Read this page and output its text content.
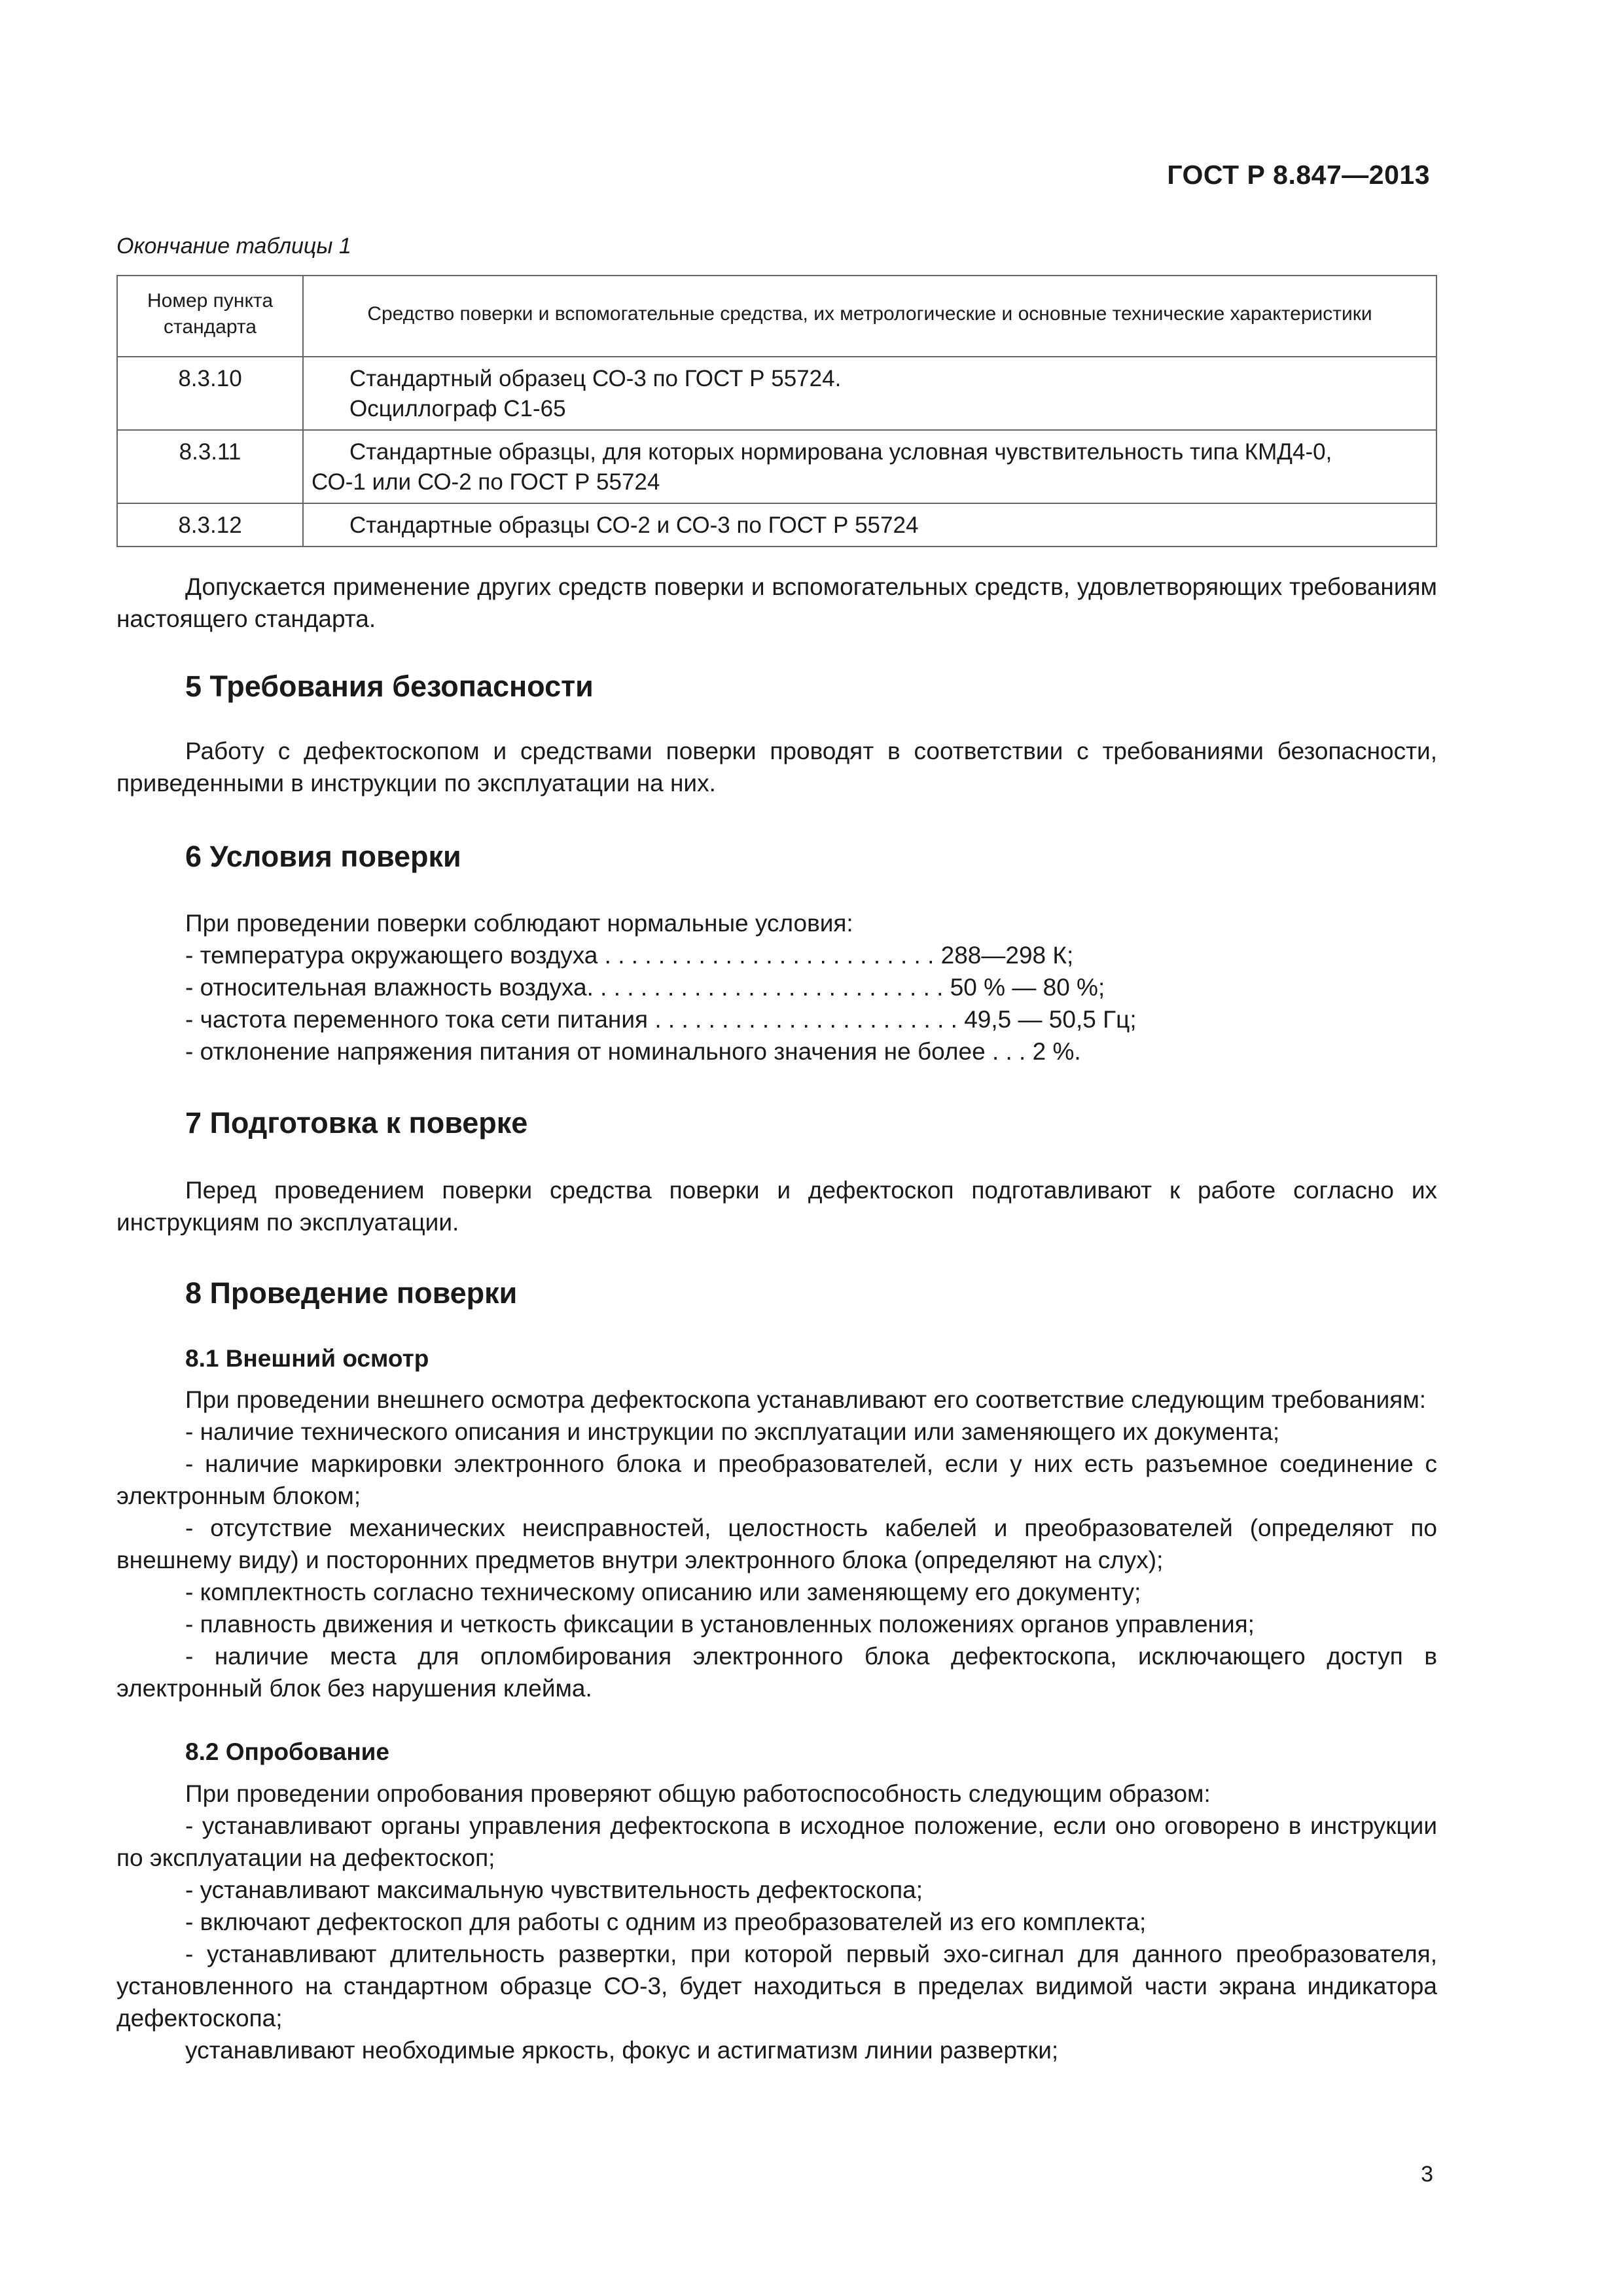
ГОСТ Р 8.847—2013
Окончание таблицы 1
Номер пункта стандарта	Средство поверки и вспомогательные средства, их метрологические и основные технические характеристики
8.3.10	Стандартный образец СО-3 по ГОСТ Р 55724.
Осциллограф С1-65

8.3.11	Стандартные образцы, для которых нормирована условная чувствительность типа КМД4-0,
СО-1 или СО-2 по ГОСТ Р 55724

8.3.12	Стандартные образцы СО-2 и СО-3 по ГОСТ Р 55724

Допускается применение других средств поверки и вспомогательных средств, удовлетворяющих требованиям настоящего стандарта.

5 Требования безопасности

Работу с дефектоскопом и средствами поверки проводят в соответствии с требованиями безопасности, приведенными в инструкции по эксплуатации на них.

6 Условия поверки

При проведении поверки соблюдают нормальные условия:

- температура окружающего воздуха . . . . . . . . . . . . . . . . . . . . . . . . . 288—298 К;
- относительная влажность воздуха. . . . . . . . . . . . . . . . . . . . . . . . . . . 50 % — 80 %;
- частота переменного тока сети питания . . . . . . . . . . . . . . . . . . . . . . . 49,5 — 50,5 Гц;
- отклонение напряжения питания от номинального значения не более . . . 2 %.
7 Подготовка к поверке

Перед проведением поверки средства поверки и дефектоскоп подготавливают к работе согласно их инструкциям по эксплуатации.

8 Проведение поверки
8.1 Внешний осмотр

При проведении внешнего осмотра дефектоскопа устанавливают его соответствие следующим требованиям:

- наличие технического описания и инструкции по эксплуатации или заменяющего их документа;

- наличие маркировки электронного блока и преобразователей, если у них есть разъемное соединение с электронным блоком;

- отсутствие механических неисправностей, целостность кабелей и преобразователей (определяют по внешнему виду) и посторонних предметов внутри электронного блока (определяют на слух);

- комплектность согласно техническому описанию или заменяющему его документу;

- плавность движения и четкость фиксации в установленных положениях органов управления;

- наличие места для опломбирования электронного блока дефектоскопа, исключающего доступ в электронный блок без нарушения клейма.

8.2 Опробование

При проведении опробования проверяют общую работоспособность следующим образом:

- устанавливают органы управления дефектоскопа в исходное положение, если оно оговорено в инструкции по эксплуатации на дефектоскоп;

- устанавливают максимальную чувствительность дефектоскопа;

- включают дефектоскоп для работы с одним из преобразователей из его комплекта;

- устанавливают длительность развертки, при которой первый эхо-сигнал для данного преобразователя, установленного на стандартном образце СО-3, будет находиться в пределах видимой части экрана индикатора дефектоскопа;

устанавливают необходимые яркость, фокус и астигматизм линии развертки;

3
